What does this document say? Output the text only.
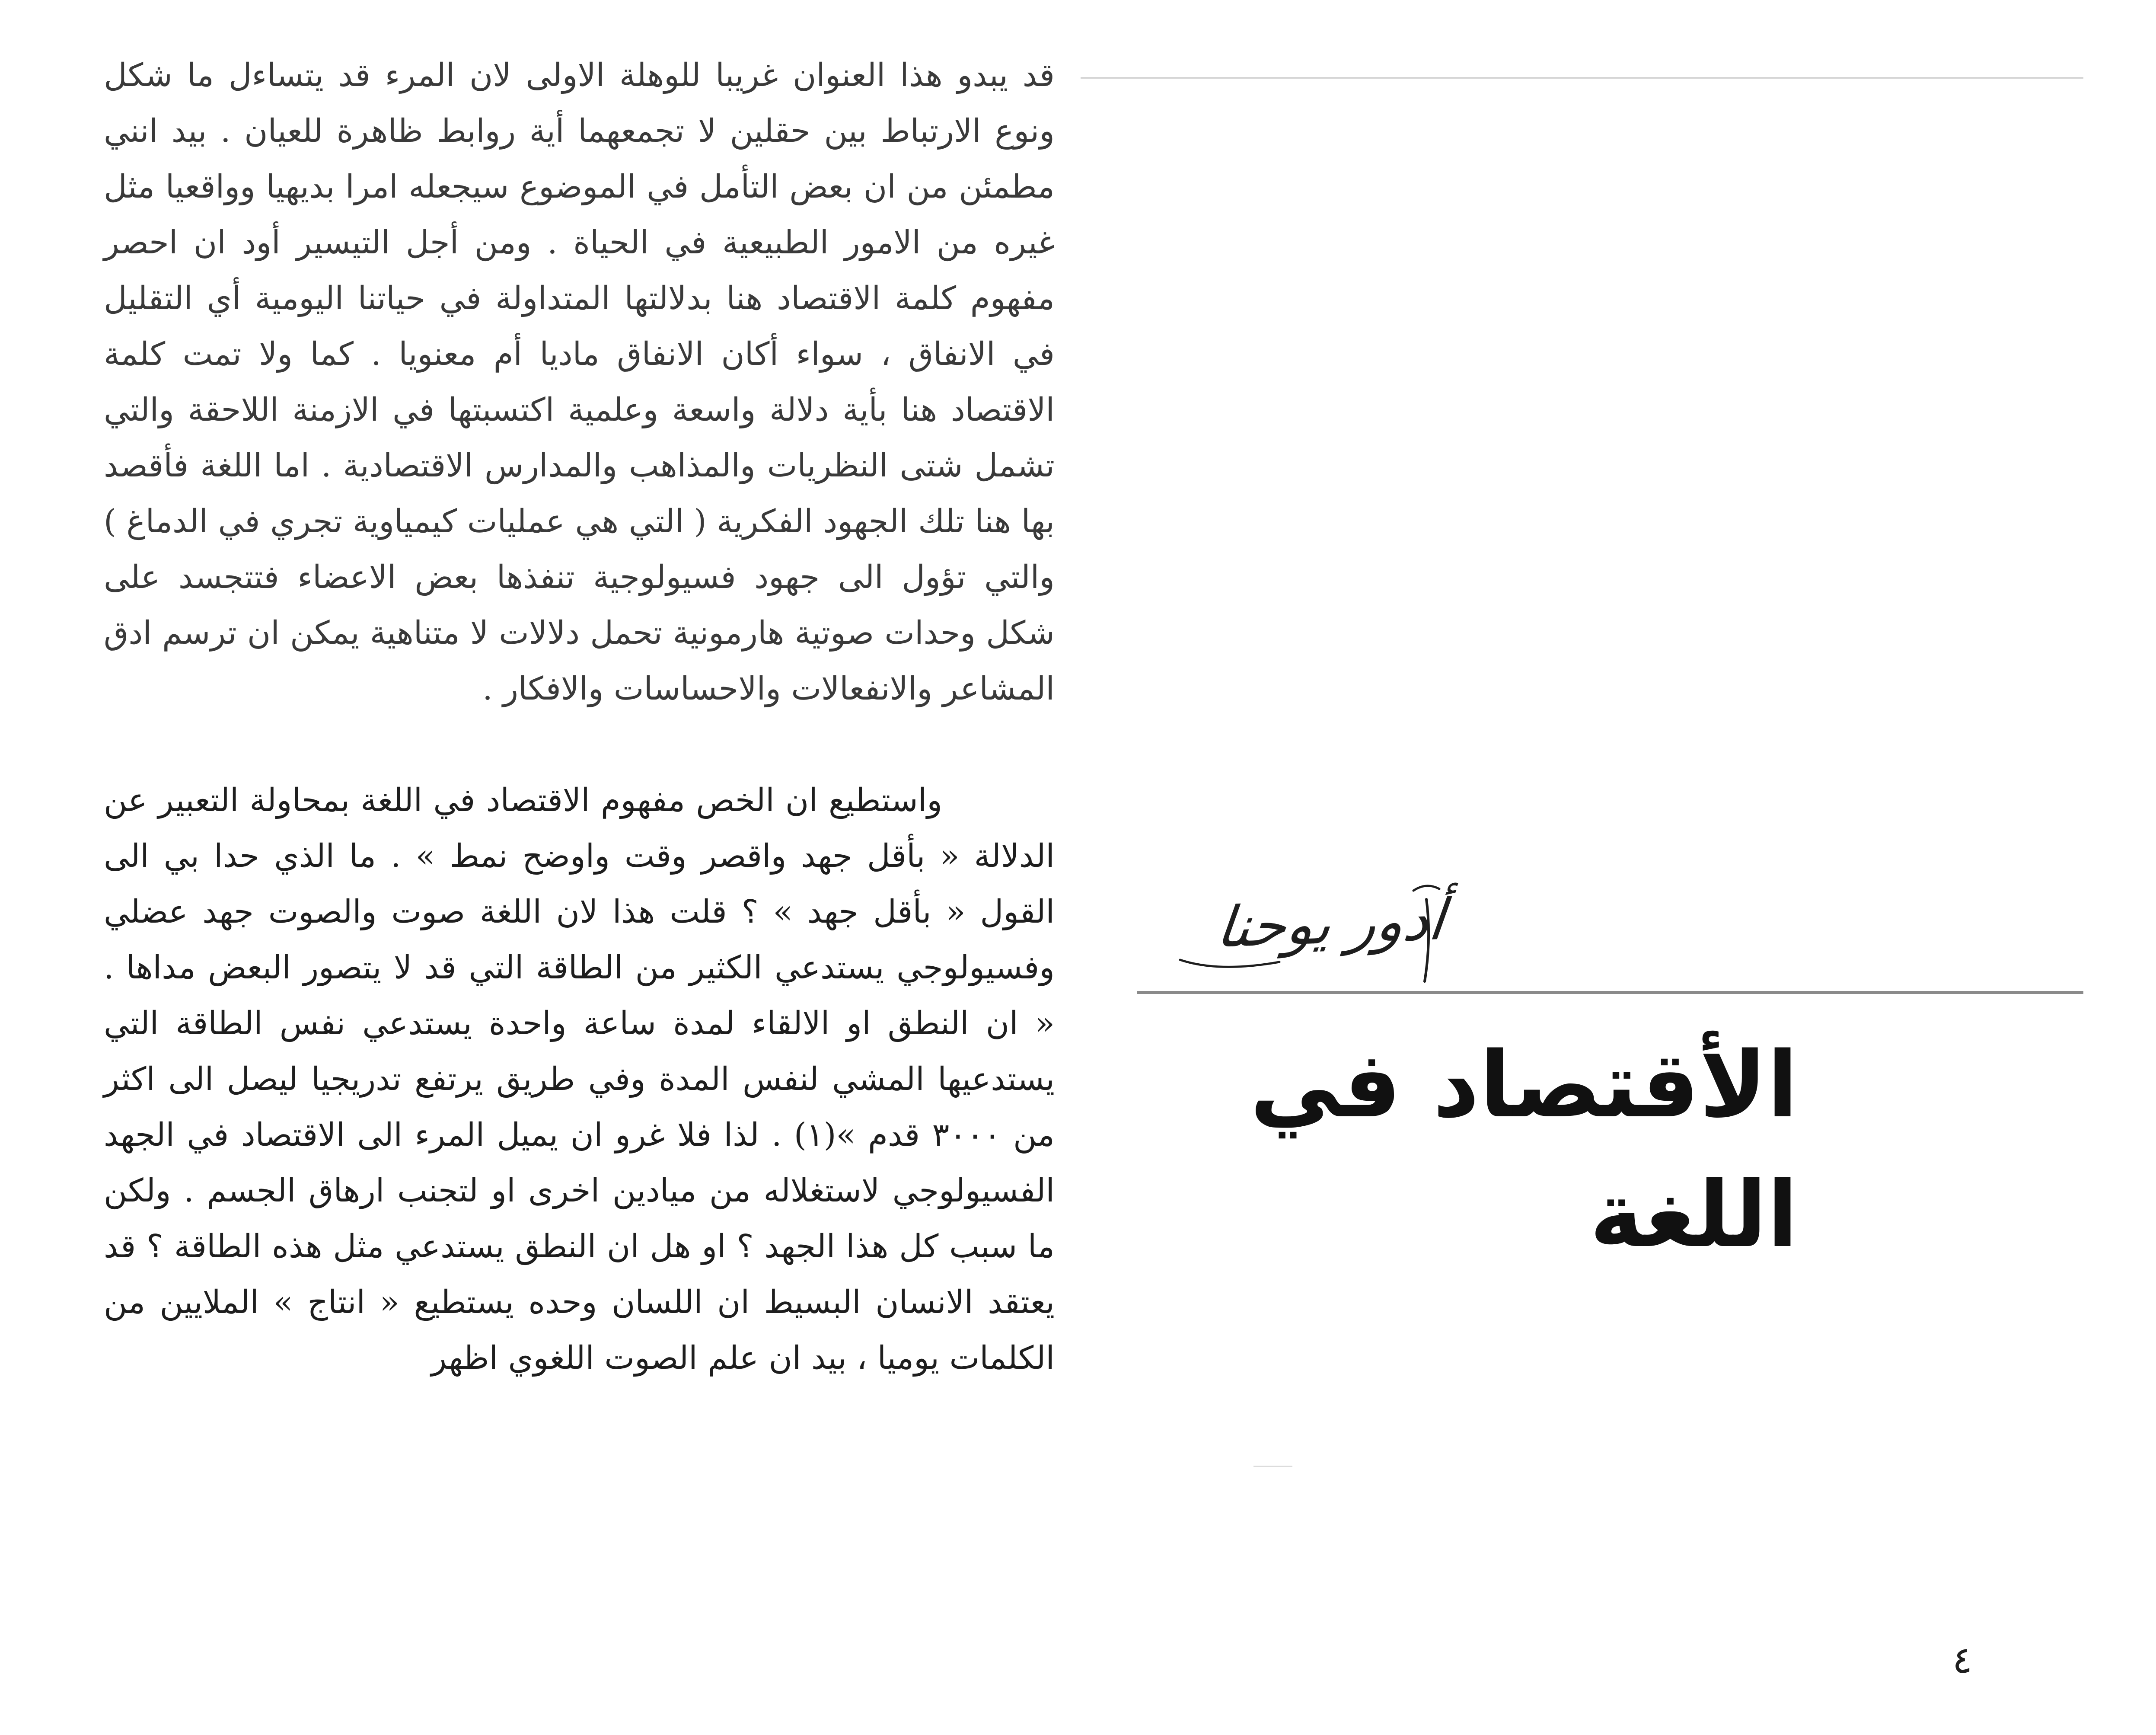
قد يبدو هذا العنوان غريبا للوهلة الاولى لان المرء قد يتساءل ما شكل ونوع الارتباط بين حقلين لا تجمعهما أية روابط ظاهرة للعيان . بيد انني مطمئن من ان بعض التأمل في الموضوع سيجعله امرا بديهيا وواقعيا مثل غيره من الامور الطبيعية في الحياة . ومن أجل التيسير أود ان احصر مفهوم كلمة الاقتصاد هنا بدلالتها المتداولة في حياتنا اليومية أي التقليل في الانفاق ، سواء أكان الانفاق ماديا أم معنويا . كما ولا تمت كلمة الاقتصاد هنا بأية دلالة واسعة وعلمية اكتسبتها في الازمنة اللاحقة والتي تشمل شتى النظريات والمذاهب والمدارس الاقتصادية . اما اللغة فأقصد بها هنا تلك الجهود الفكرية ( التي هي عمليات كيمياوية تجري في الدماغ ) والتي تؤول الى جهود فسيولوجية تنفذها بعض الاعضاء فتتجسد على شكل وحدات صوتية هارمونية تحمل دلالات لا متناهية يمكن ان ترسم ادق المشاعر والانفعالات والاحساسات والافكار .

واستطيع ان الخص مفهوم الاقتصاد في اللغة بمحاولة التعبير عن الدلالة « بأقل جهد واقصر وقت واوضح نمط » . ما الذي حدا بي الى القول « بأقل جهد » ؟ قلت هذا لان اللغة صوت والصوت جهد عضلي وفسيولوجي يستدعي الكثير من الطاقة التي قد لا يتصور البعض مداها . « ان النطق او الالقاء لمدة ساعة واحدة يستدعي نفس الطاقة التي يستدعيها المشي لنفس المدة وفي طريق يرتفع تدريجيا ليصل الى اكثر من ٣٠٠٠ قدم »(١) . لذا فلا غرو ان يميل المرء الى الاقتصاد في الجهد الفسيولوجي لاستغلاله من ميادين اخرى او لتجنب ارهاق الجسم . ولكن ما سبب كل هذا الجهد ؟ او هل ان النطق يستدعي مثل هذه الطاقة ؟ قد يعتقد الانسان البسيط ان اللسان وحده يستطيع « انتاج » الملايين من الكلمات يوميا ، بيد ان علم الصوت اللغوي اظهر

أدور يوحنا
الأقتصاد في اللغة
٤
